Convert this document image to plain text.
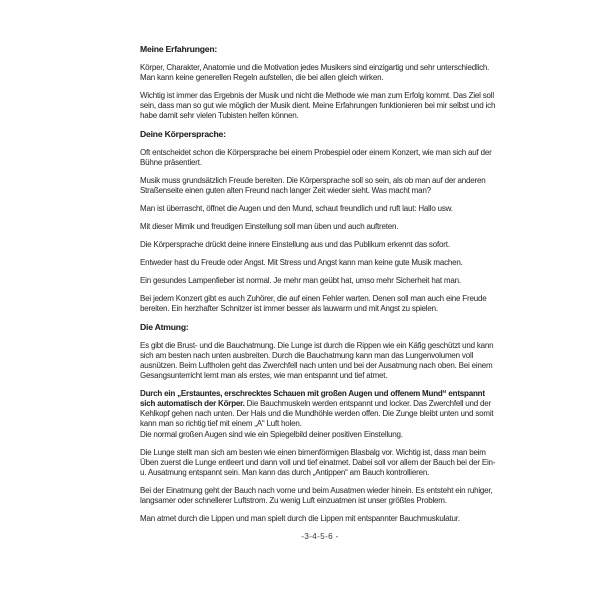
Meine Erfahrungen:

Körper, Charakter, Anatomie und die Motivation jedes Musikers sind einzigartig und sehr unterschiedlich. Man kann keine generellen Regeln aufstellen, die bei allen gleich wirken.

Wichtig ist immer das Ergebnis der Musik und nicht die Methode wie man zum Erfolg kommt. Das Ziel soll sein, dass man so gut wie möglich der Musik dient. Meine Erfahrungen funktionieren bei mir selbst und ich habe damit sehr vielen Tubisten helfen können.

Deine Körpersprache:

Oft entscheidet schon die Körpersprache bei einem Probespiel oder einem Konzert, wie man sich auf der Bühne präsentiert.

Musik muss grundsätzlich Freude bereiten. Die Körpersprache soll so sein, als ob man auf der anderen Straßenseite einen guten alten Freund nach langer Zeit wieder sieht. Was macht man?

Man ist überrascht, öffnet die Augen und den Mund, schaut freundlich und ruft laut: Hallo usw.

Mit dieser Mimik und freudigen Einstellung soll man üben und auch auftreten.

Die Körpersprache drückt deine innere Einstellung aus und das Publikum erkennt das sofort.

Entweder hast du Freude oder Angst. Mit Stress und Angst kann man keine gute Musik machen.

Ein gesundes Lampenfieber ist normal. Je mehr man geübt hat, umso mehr Sicherheit hat man.

Bei jedem Konzert gibt es auch Zuhörer, die auf einen Fehler warten. Denen soll man auch eine Freude bereiten. Ein herzhafter Schnitzer ist immer besser als lauwarm und mit Angst zu spielen.

Die Atmung:

Es gibt die Brust- und die Bauchatmung. Die Lunge ist durch die Rippen wie ein Käfig geschützt und kann sich am besten nach unten ausbreiten. Durch die Bauchatmung kann man das Lungenvolumen voll ausnützen. Beim Luftholen geht das Zwerchfell nach unten und bei der Ausatmung nach oben. Bei einem Gesangsunterricht lernt man als erstes, wie man entspannt und tief atmet.

Durch ein „Erstauntes, erschrecktes Schauen mit großen Augen und offenem Mund“ entspannt sich automatisch der Körper. Die Bauchmuskeln werden entspannt und locker. Das Zwerchfell und der Kehlkopf gehen nach unten. Der Hals und die Mundhöhle werden offen. Die Zunge bleibt unten und somit kann man so richtig tief mit einem „A“ Luft holen.

Die normal großen Augen sind wie ein Spiegelbild deiner positiven Einstellung.

Die Lunge stellt man sich am besten wie einen birnenförmigen Blasbalg vor. Wichtig ist, dass man beim Üben zuerst die Lunge entleert und dann voll und tief einatmet. Dabei soll vor allem der Bauch bei der Ein-u. Ausatmung entspannt sein. Man kann das durch „Antippen“ am Bauch kontrollieren.

Bei der Einatmung geht der Bauch nach vorne und beim Ausatmen wieder hinein. Es entsteht ein ruhiger, langsamer oder schnellerer Luftstrom. Zu wenig Luft einzuatmen ist unser größtes Problem.

Man atmet durch die Lippen und man spielt durch die Lippen mit entspannter Bauchmuskulatur.

-3-4-5-6 -
